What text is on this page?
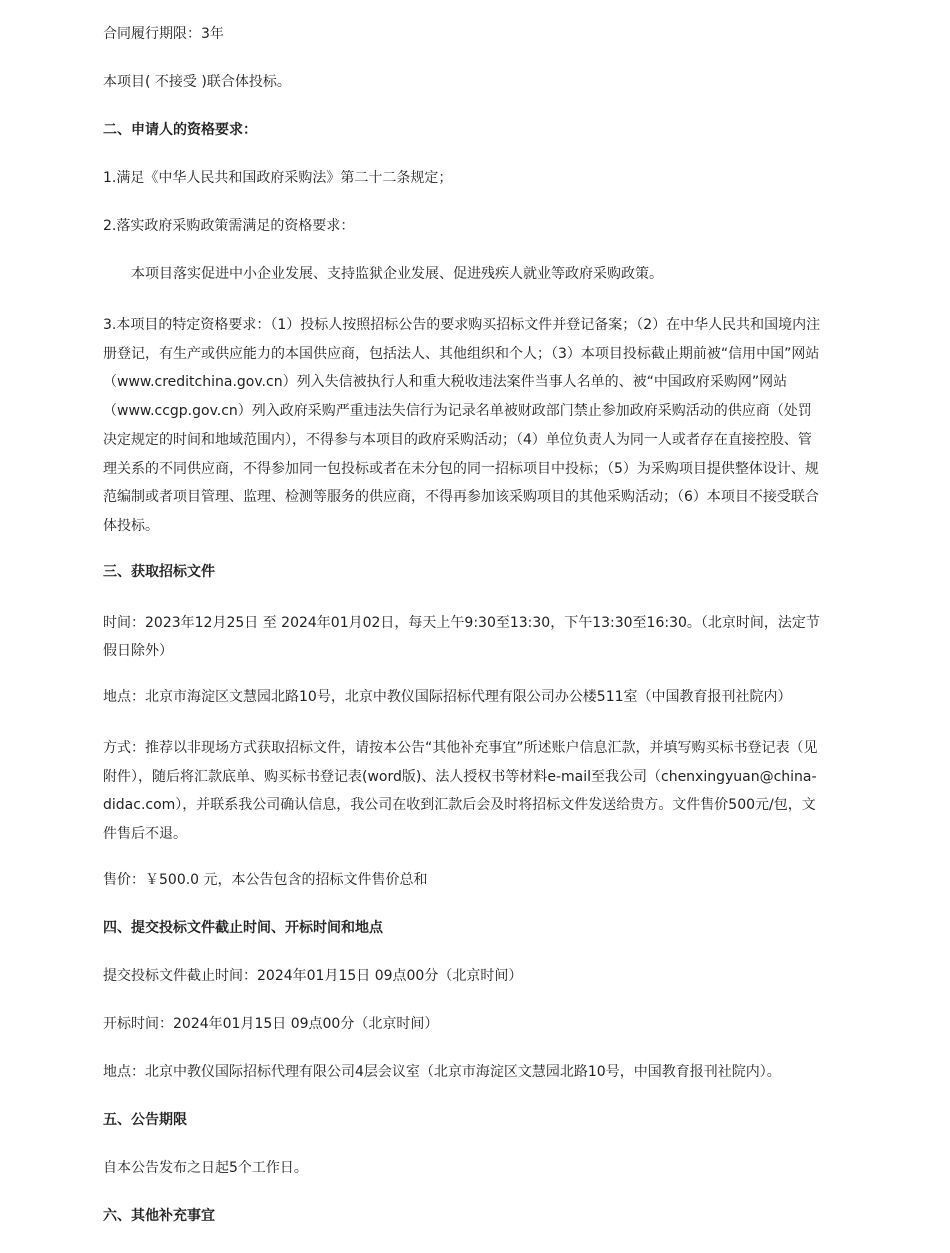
合同履行期限：3年

本项目( 不接受 )联合体投标。

二、申请人的资格要求：

1.满足《中华人民共和国政府采购法》第二十二条规定；

2.落实政府采购政策需满足的资格要求：

本项目落实促进中小企业发展、支持监狱企业发展、促进残疾人就业等政府采购政策。

3.本项目的特定资格要求：（1）投标人按照招标公告的要求购买招标文件并登记备案；（2）在中华人民共和国境内注册登记，有生产或供应能力的本国供应商，包括法人、其他组织和个人；（3）本项目投标截止期前被“信用中国”网站（www.creditchina.gov.cn）列入失信被执行人和重大税收违法案件当事人名单的、被“中国政府采购网”网站（www.ccgp.gov.cn）列入政府采购严重违法失信行为记录名单被财政部门禁止参加政府采购活动的供应商（处罚决定规定的时间和地域范围内），不得参与本项目的政府采购活动；（4）单位负责人为同一人或者存在直接控股、管理关系的不同供应商，不得参加同一包投标或者在未分包的同一招标项目中投标；（5）为采购项目提供整体设计、规范编制或者项目管理、监理、检测等服务的供应商，不得再参加该采购项目的其他采购活动；（6）本项目不接受联合体投标。

三、获取招标文件

时间：2023年12月25日 至 2024年01月02日，每天上午9:30至13:30，下午13:30至16:30。（北京时间，法定节假日除外）

地点：北京市海淀区文慧园北路10号，北京中教仪国际招标代理有限公司办公楼511室（中国教育报刊社院内）

方式：推荐以非现场方式获取招标文件，请按本公告“其他补充事宜”所述账户信息汇款，并填写购买标书登记表（见附件），随后将汇款底单、购买标书登记表(word版)、法人授权书等材料e-mail至我公司（chenxingyuan@china-didac.com），并联系我公司确认信息，我公司在收到汇款后会及时将招标文件发送给贵方。文件售价500元/包，文件售后不退。

售价：￥500.0 元，本公告包含的招标文件售价总和

四、提交投标文件截止时间、开标时间和地点

提交投标文件截止时间：2024年01月15日 09点00分（北京时间）

开标时间：2024年01月15日 09点00分（北京时间）

地点：北京中教仪国际招标代理有限公司4层会议室（北京市海淀区文慧园北路10号，中国教育报刊社院内）。

五、公告期限

自本公告发布之日起5个工作日。

六、其他补充事宜
